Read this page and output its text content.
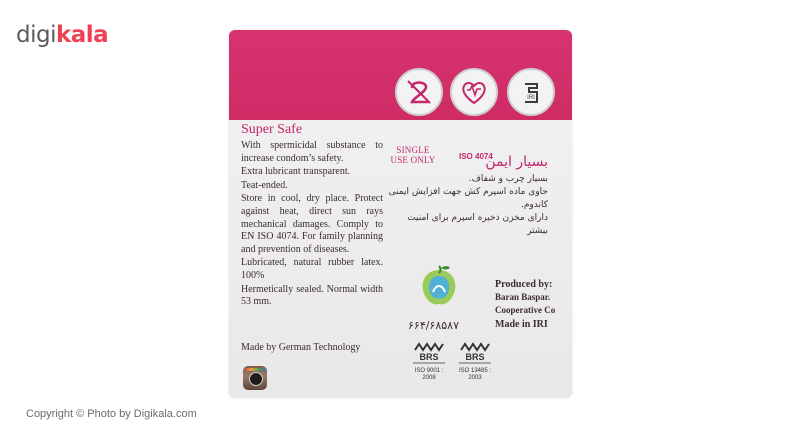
digikala
SINGLE USE ONLY	ISO 4074
IRI
Super Safe

With spermicidal substance to increase condom’s safety.

Extra lubricant transparent.

Teat-ended.

Store in cool, dry place. Protect against heat, direct sun rays mechanical damages. Comply to EN ISO 4074. For family planning and prevention of diseases.

Lubricated, natural rubber latex. 100%

Hermetically sealed. Normal width 53 mm.

بسیار ایمن

بسیار چرب و شفاف.

حاوی ماده اسپرم کش جهت افزایش ایمنی کاندوم.

دارای مخزن ذخیره اسپرم برای امنیت بیشتر

۶۶۴/۶۸۵۸۷
Produced by:
Baran Baspar.
Cooperative Co
Made in IRI
Made by German Technology
BRS
ISO 9001 : 2008
BRS
ISO 13485 : 2003
Copyright © Photo by Digikala.com
